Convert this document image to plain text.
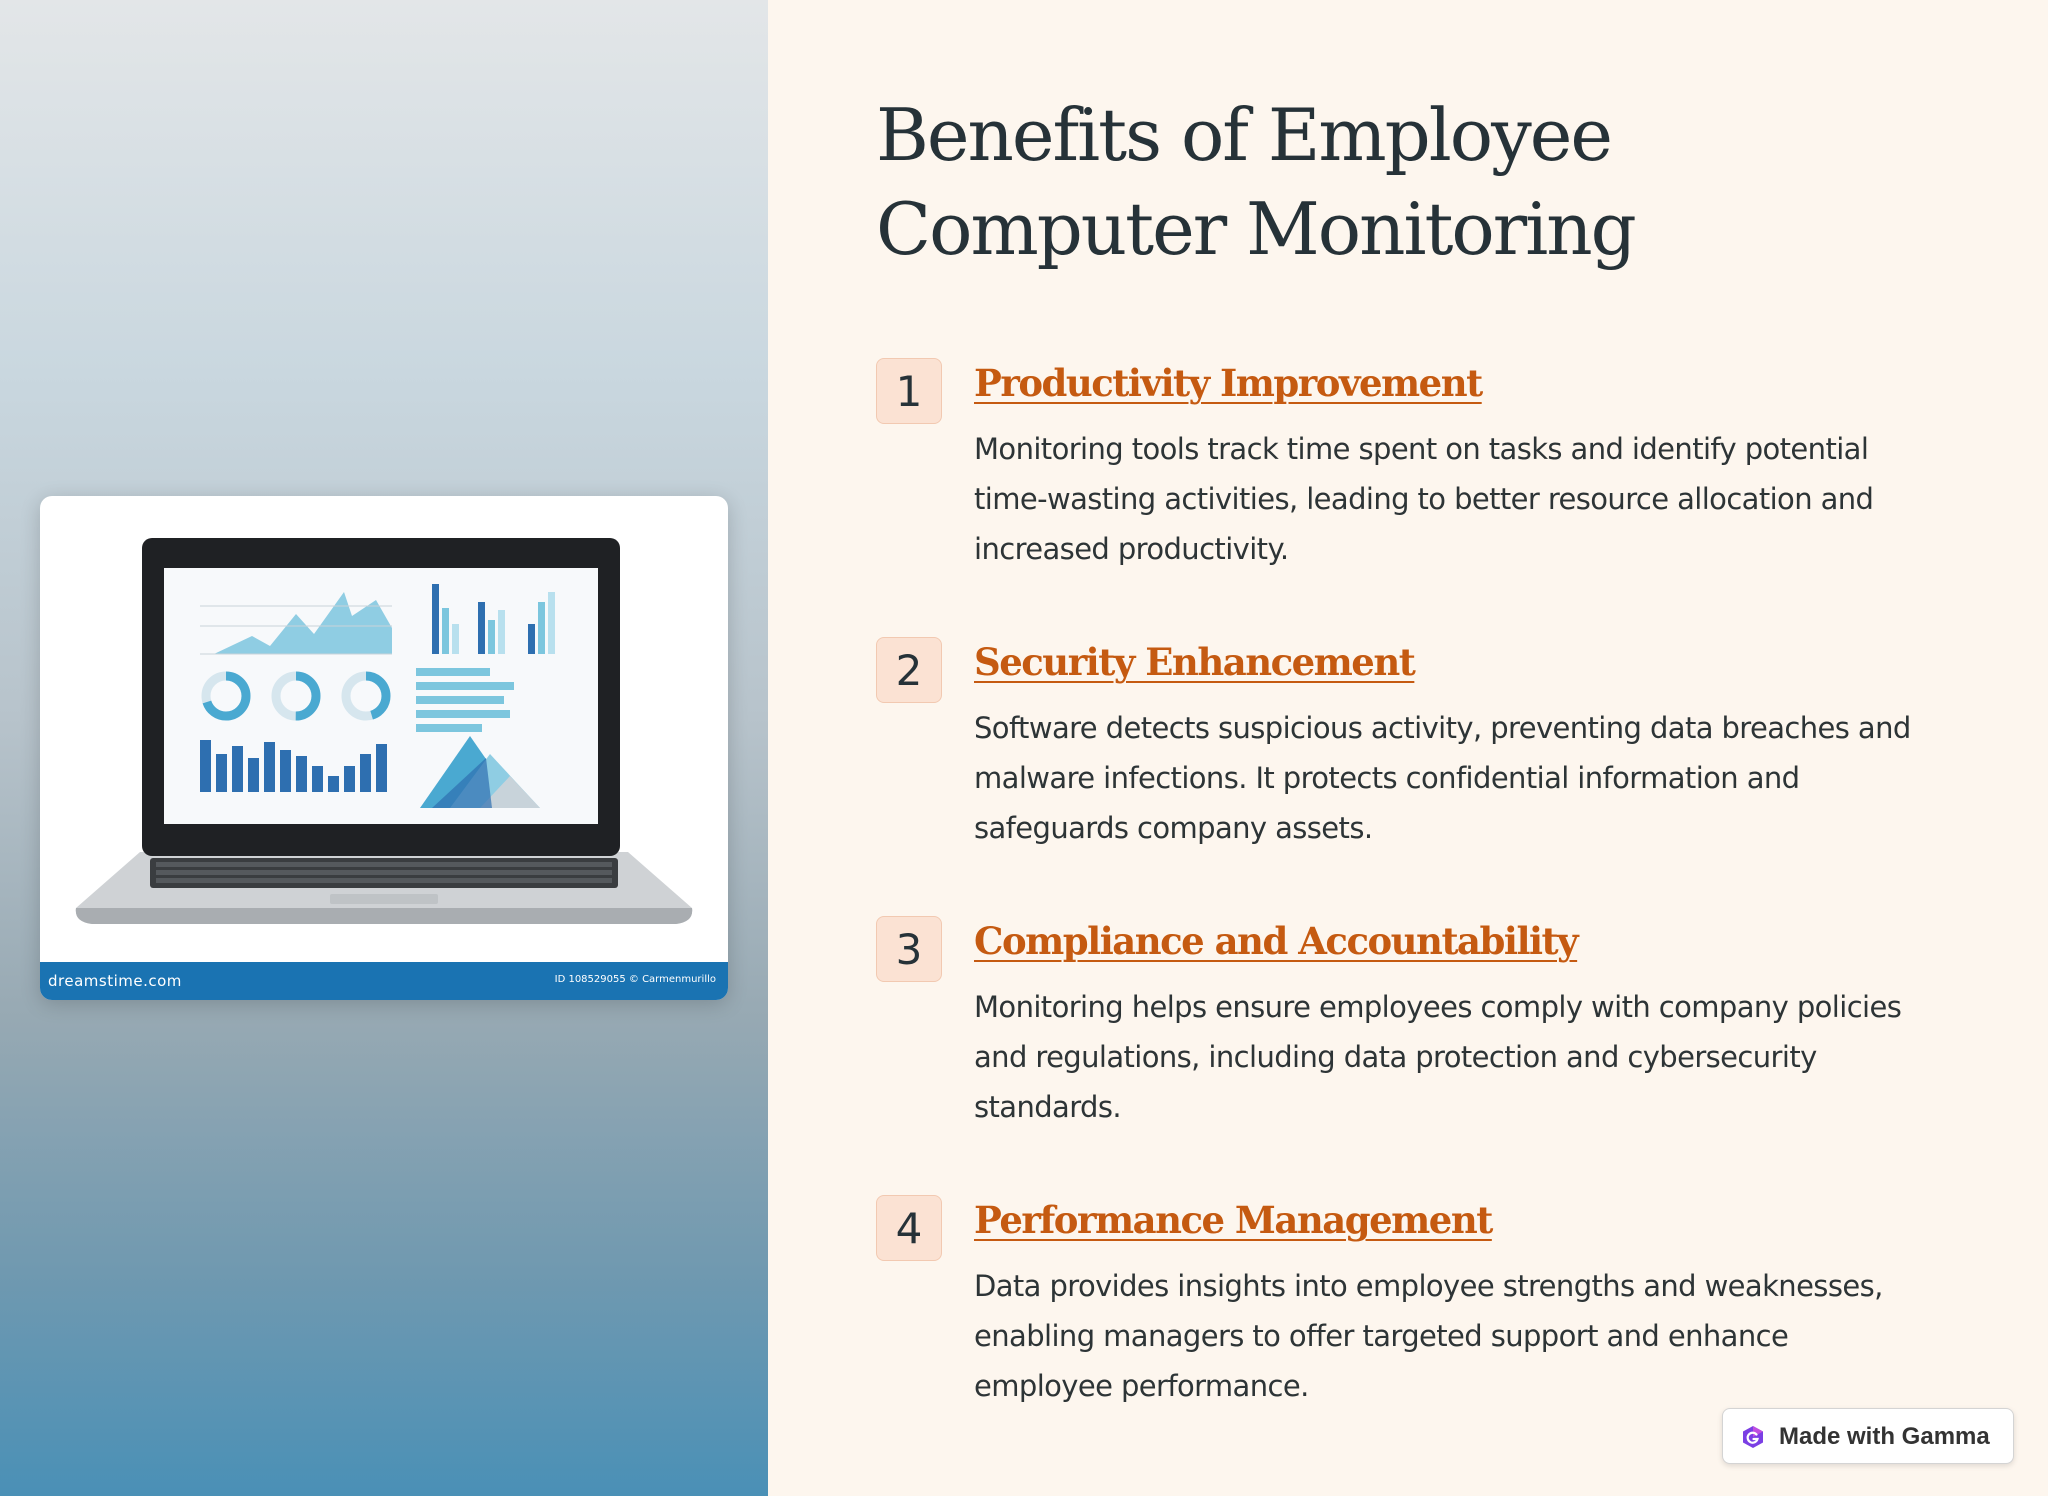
dreamstime.com	ID 108529055 © Carmenmurillo
Benefits of Employee Computer Monitoring
1	Productivity Improvement

Monitoring tools track time spent on tasks and identify potential time-wasting activities, leading to better resource allocation and increased productivity.

2	Security Enhancement

Software detects suspicious activity, preventing data breaches and malware infections. It protects confidential information and safeguards company assets.

3	Compliance and Accountability

Monitoring helps ensure employees comply with company policies and regulations, including data protection and cybersecurity standards.

4	Performance Management

Data provides insights into employee strengths and weaknesses, enabling managers to offer targeted support and enhance employee performance.

Made with Gamma
